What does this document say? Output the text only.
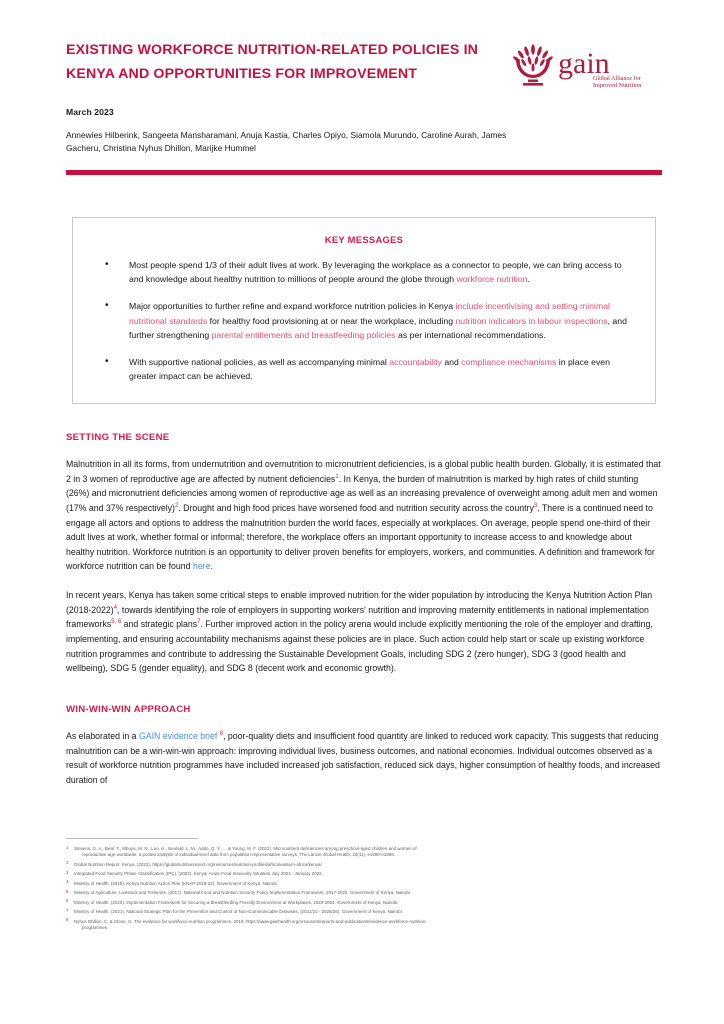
EXISTING WORKFORCE NUTRITION-RELATED POLICIES IN
KENYA AND OPPORTUNITIES FOR IMPROVEMENT	gain
Global Alliance for
Improved Nutrition
March 2023
Annewies Hilberink, Sangeeta Mansharamani, Anuja Kastia, Charles Opiyo, Siamola Murundo, Caroline Aurah, James Gacheru, Christina Nyhus Dhillon, Marijke Hummel
KEY MESSAGES
• Most people spend 1/3 of their adult lives at work. By leveraging the workplace as a connector to people, we can bring access to and knowledge about healthy nutrition to millions of people around the globe through workforce nutrition.
• Major opportunities to further refine and expand workforce nutrition policies in Kenya include incentivising and setting minimal nutritional standards for healthy food provisioning at or near the workplace, including nutrition indicators in labour inspections, and further strengthening parental entitlements and breastfeeding policies as per international recommendations.
• With supportive national policies, as well as accompanying minimal accountability and compliance mechanisms in place even greater impact can be achieved.
SETTING THE SCENE

Malnutrition in all its forms, from undernutrition and overnutrition to micronutrient deficiencies, is a global public health burden. Globally, it is estimated that 2 in 3 women of reproductive age are affected by nutrient deficiencies$^1$. In Kenya, the burden of malnutrition is marked by high rates of child stunting (26%) and micronutrient deficiencies among women of reproductive age as well as an increasing prevalence of overweight among adult men and women (17% and 37% respectively)$^2$. Drought and high food prices have worsened food and nutrition security across the country$^3$. There is a continued need to engage all actors and options to address the malnutrition burden the world faces, especially at workplaces. On average, people spend one-third of their adult lives at work, whether formal or informal; therefore, the workplace offers an important opportunity to increase access to and knowledge about healthy nutrition. Workforce nutrition is an opportunity to deliver proven benefits for employers, workers, and communities. A definition and framework for workforce nutrition can be found here.

In recent years, Kenya has taken some critical steps to enable improved nutrition for the wider population by introducing the Kenya Nutrition Action Plan (2018-2022)$^4$, towards identifying the role of employers in supporting workers' nutrition and improving maternity entitlements in national implementation frameworks$^{5, 6}$ and strategic plans$^7$. Further improved action in the policy arena would include explicitly mentioning the role of the employer and drafting, implementing, and ensuring accountability mechanisms against these policies are in place. Such action could help start or scale up existing workforce nutrition programmes and contribute to addressing the Sustainable Development Goals, including SDG 2 (zero hunger), SDG 3 (good health and wellbeing), SDG 5 (gender equality), and SDG 8 (decent work and economic growth).

WIN-WIN-WIN APPROACH

As elaborated in a GAIN evidence brief $^8$, poor-quality diets and insufficient food quantity are linked to reduced work capacity. This suggests that reducing malnutrition can be a win-win-win approach: improving individual lives, business outcomes, and national economies. Individual outcomes observed as a result of workforce nutrition programmes have included increased job satisfaction, reduced sick days, higher consumption of healthy foods, and increased duration of

1 Stevens, G. A., Beal, T., Mbuya, M. N., Luo, H., Neufeld, L. M., Addo, O. Y., ... & Young, M. F. (2022). Micronutrient deficiencies among preschool-aged children and women of
reproductive age worldwide: a pooled analysis of individual-level data from population-representative surveys. The Lancet Global Health, 10(11), e1590-e1599.
2 Global Nutrition Report. Kenya. (2022). https://globalnutritionreport.org/resources/nutrition-profiles/africa/eastern-africa/kenya/
3 Integrated Food Security Phase Classification (IPC). (2022). Kenya: Acute Food Insecurity Situation July 2021 - January 2022.
4 Ministry of Health. (2018). Kenya Nutrition Action Plan (KNAP 2018-22). Government of Kenya. Nairobi.
5 Ministry of Agriculture, Livestock and Fisheries. (2017). National Food and Nutrition Security Policy Implementation Framework, 2017-2022. Government of Kenya. Nairobi.
6 Ministry of Health. (2020). Implementation Framework for Securing a Breastfeeding Friendly Environment at Workplaces, 2020-2024. Government of Kenya. Nairobi.
7 Ministry of Health. (2021). National Strategic Plan for the Prevention and Control of Non-Communicable Diseases, (2021/22 - 2025/26). Government of Kenya. Nairobi.
8 Nyhus Dhillon, C. & Stone, G. The evidence for workforce nutrition programmes. 2019. https://www.gainhealth.org/resources/reports-and-publications/evidence-workforce-nutrition-
programmes
